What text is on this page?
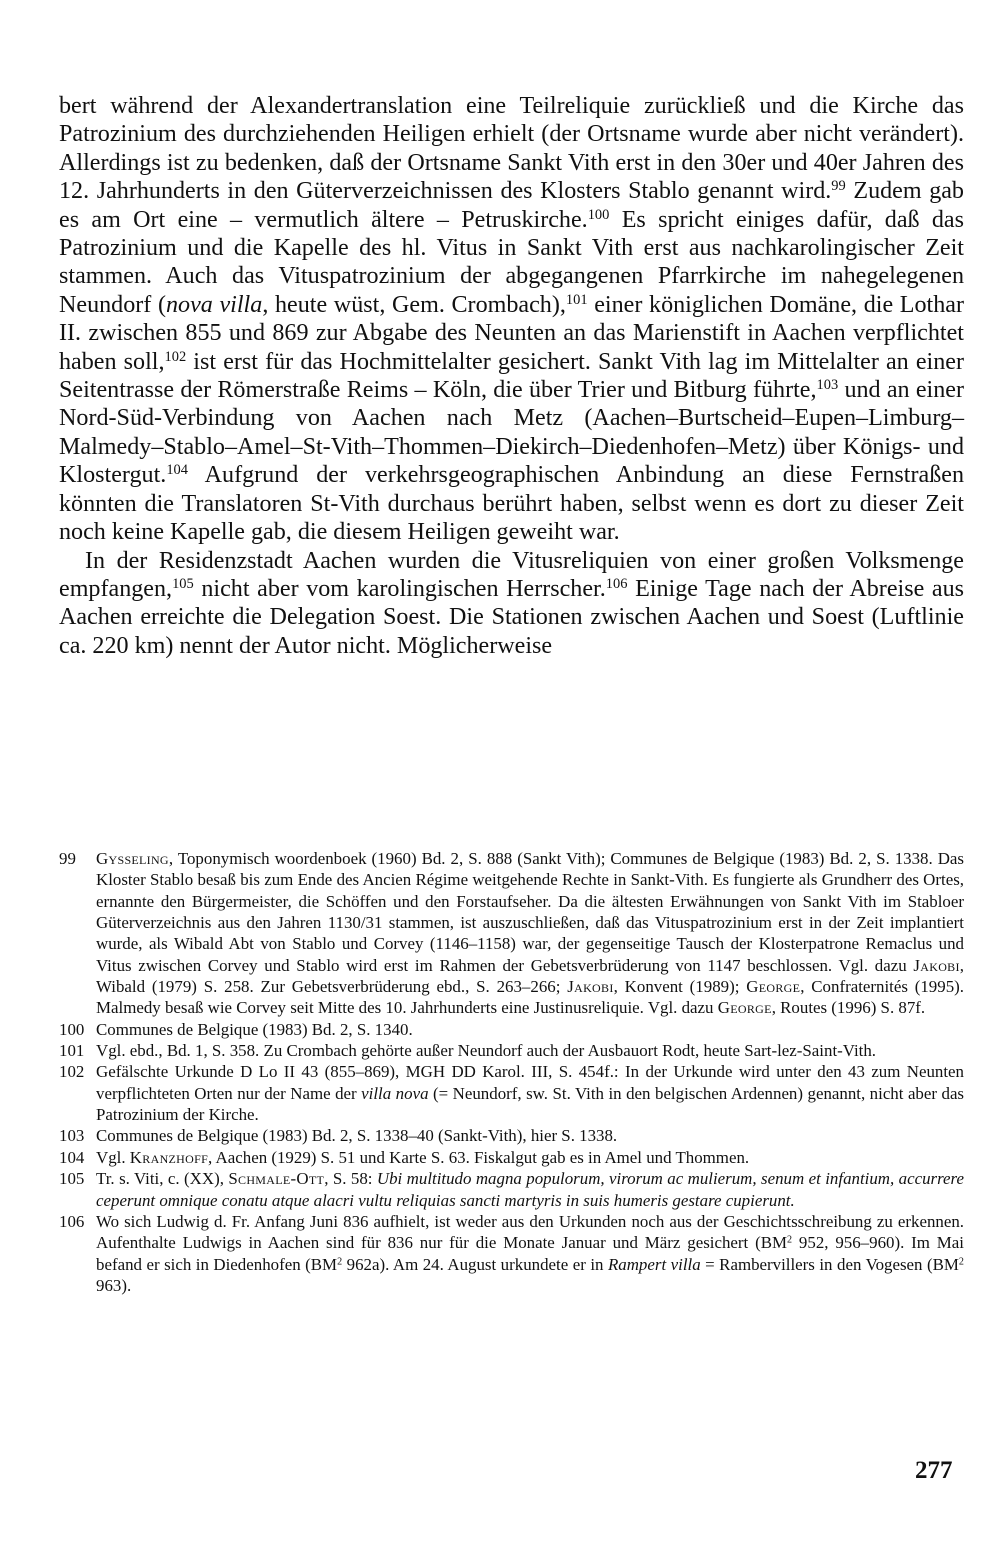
bert während der Alexandertranslation eine Teilreliquie zurückließ und die Kirche das Patrozinium des durchziehenden Heiligen erhielt (der Ortsname wurde aber nicht verändert). Allerdings ist zu bedenken, daß der Ortsname Sankt Vith erst in den 30er und 40er Jahren des 12. Jahrhunderts in den Güterverzeichnissen des Klosters Stablo genannt wird.$^{99}$ Zudem gab es am Ort eine – vermutlich ältere – Petruskirche.$^{100}$ Es spricht einiges dafür, daß das Patrozinium und die Kapelle des hl. Vitus in Sankt Vith erst aus nachkarolingischer Zeit stammen. Auch das Vituspatrozinium der abgegangenen Pfarrkirche im nahegelegenen Neundorf (nova villa, heute wüst, Gem. Crombach),$^{101}$ einer königlichen Domäne, die Lothar II. zwischen 855 und 869 zur Abgabe des Neunten an das Marienstift in Aachen verpflichtet haben soll,$^{102}$ ist erst für das Hochmittelalter gesichert. Sankt Vith lag im Mittelalter an einer Seitentrasse der Römerstraße Reims – Köln, die über Trier und Bitburg führte,$^{103}$ und an einer Nord-Süd-Verbindung von Aachen nach Metz (Aachen–Burtscheid–Eupen–Limburg–Malmedy–Stablo–Amel–St-Vith–Thommen–Diekirch–Diedenhofen–Metz) über Königs- und Klostergut.$^{104}$ Aufgrund der verkehrsgeographischen Anbindung an diese Fernstraßen könnten die Translatoren St-Vith durchaus berührt haben, selbst wenn es dort zu dieser Zeit noch keine Kapelle gab, die diesem Heiligen geweiht war.

In der Residenzstadt Aachen wurden die Vitusreliquien von einer großen Volksmenge empfangen,$^{105}$ nicht aber vom karolingischen Herrscher.$^{106}$ Einige Tage nach der Abreise aus Aachen erreichte die Delegation Soest. Die Stationen zwischen Aachen und Soest (Luftlinie ca. 220 km) nennt der Autor nicht. Möglicherweise

99	Gysseling, Toponymisch woordenboek (1960) Bd. 2, S. 888 (Sankt Vith); Communes de Belgique (1983) Bd. 2, S. 1338. Das Kloster Stablo besaß bis zum Ende des Ancien Régime weitgehende Rechte in Sankt-Vith. Es fungierte als Grundherr des Ortes, ernannte den Bürgermeister, die Schöffen und den Forstaufseher. Da die ältesten Erwähnungen von Sankt Vith im Stabloer Güterverzeichnis aus den Jahren 1130/31 stammen, ist auszuschließen, daß das Vituspatrozinium erst in der Zeit implantiert wurde, als Wibald Abt von Stablo und Corvey (1146–1158) war, der gegenseitige Tausch der Klosterpatrone Remaclus und Vitus zwischen Corvey und Stablo wird erst im Rahmen der Gebetsverbrüderung von 1147 beschlossen. Vgl. dazu Jakobi, Wibald (1979) S. 258. Zur Gebetsverbrüderung ebd., S. 263–266; Jakobi, Konvent (1989); George, Confraternités (1995). Malmedy besaß wie Corvey seit Mitte des 10. Jahrhunderts eine Justinusreliquie. Vgl. dazu George, Routes (1996) S. 87f.
100 Communes de Belgique (1983) Bd. 2, S. 1340.
101 Vgl. ebd., Bd. 1, S. 358. Zu Crombach gehörte außer Neundorf auch der Ausbauort Rodt, heute Sart-lez-Saint-Vith.
102 Gefälschte Urkunde D Lo II 43 (855–869), MGH DD Karol. III, S. 454f.: In der Urkunde wird unter den 43 zum Neunten verpflichteten Orten nur der Name der villa nova (= Neundorf, sw. St. Vith in den belgischen Ardennen) genannt, nicht aber das Patrozinium der Kirche.
103 Communes de Belgique (1983) Bd. 2, S. 1338–40 (Sankt-Vith), hier S. 1338.
104 Vgl. Kranzhoff, Aachen (1929) S. 51 und Karte S. 63. Fiskalgut gab es in Amel und Thommen.
105 Tr. s. Viti, c. (XX), Schmale-Ott, S. 58: Ubi multitudo magna populorum, virorum ac mulierum, senum et infantium, accurrere ceperunt omnique conatu atque alacri vultu reliquias sancti martyris in suis humeris gestare cupierunt.
106 Wo sich Ludwig d. Fr. Anfang Juni 836 aufhielt, ist weder aus den Urkunden noch aus der Geschichtsschreibung zu erkennen. Aufenthalte Ludwigs in Aachen sind für 836 nur für die Monate Januar und März gesichert ($BM^2$ 952, 956–960). Im Mai befand er sich in Diedenhofen ($BM^2$ 962a). Am 24. August urkundete er in Rampert villa = Rambervillers in den Vogesen ($BM^2$ 963).
277
